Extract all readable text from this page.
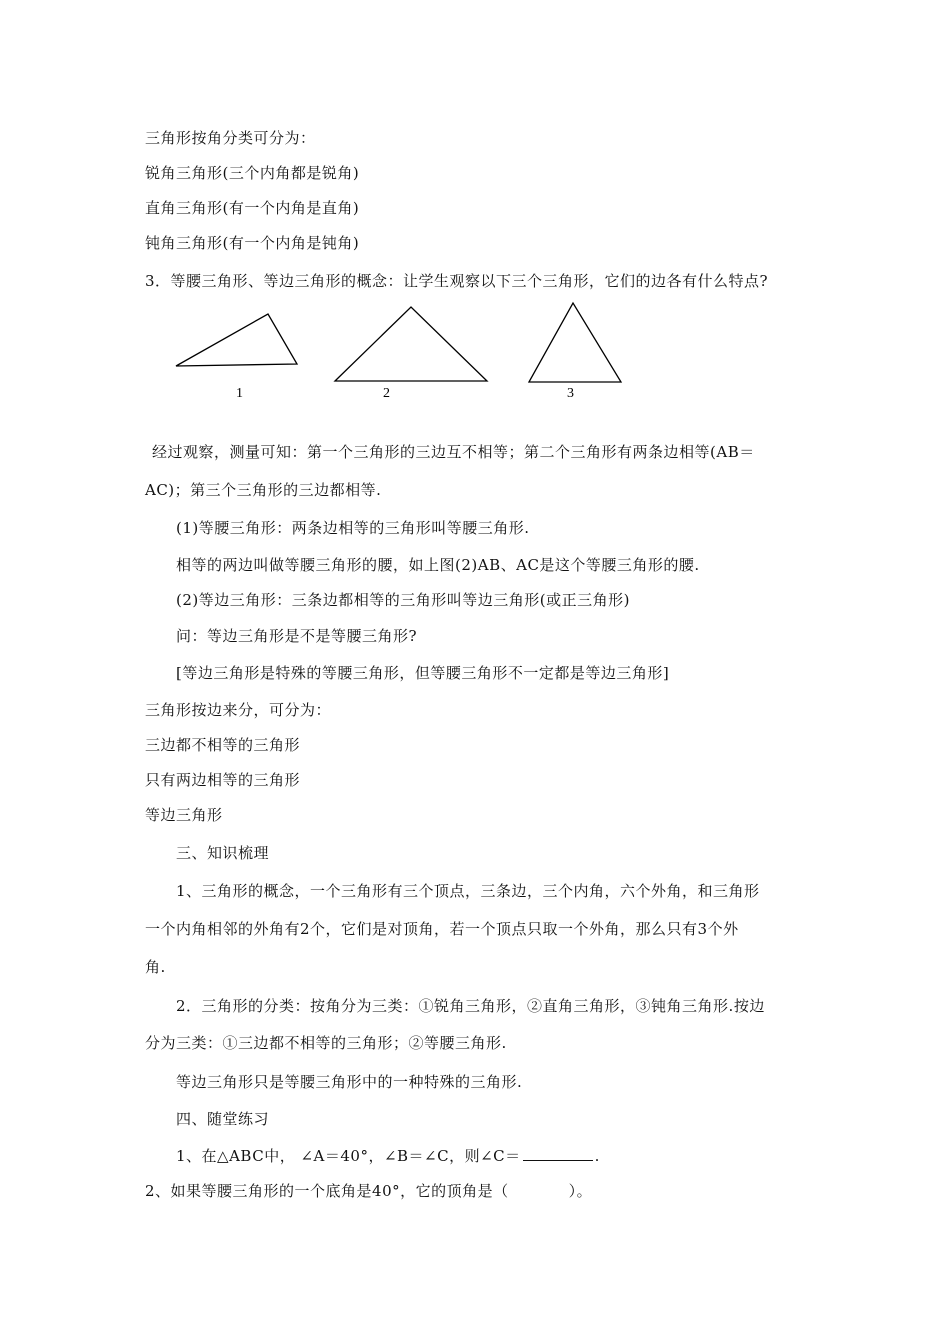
三角形按角分类可分为：
锐角三角形(三个内角都是锐角)
直角三角形(有一个内角是直角)
钝角三角形(有一个内角是钝角)
3．等腰三角形、等边三角形的概念：让学生观察以下三个三角形，它们的边各有什么特点?
1	2	3
经过观察，测量可知：第一个三角形的三边互不相等；第二个三角形有两条边相等(AB＝
AC)；第三个三角形的三边都相等.
(1)等腰三角形：两条边相等的三角形叫等腰三角形.
相等的两边叫做等腰三角形的腰，如上图(2)AB、AC是这个等腰三角形的腰.
(2)等边三角形：三条边都相等的三角形叫等边三角形(或正三角形)
问：等边三角形是不是等腰三角形?
[等边三角形是特殊的等腰三角形，但等腰三角形不一定都是等边三角形]
三角形按边来分，可分为：
三边都不相等的三角形
只有两边相等的三角形
等边三角形
三、知识梳理
1、三角形的概念，一个三角形有三个顶点，三条边，三个内角，六个外角，和三角形
一个内角相邻的外角有2个，它们是对顶角，若一个顶点只取一个外角，那么只有3个外
角.
2．三角形的分类：按角分为三类：①锐角三角形，②直角三角形，③钝角三角形.按边
分为三类：①三边都不相等的三角形；②等腰三角形.
等边三角形只是等腰三角形中的一种特殊的三角形.
四、随堂练习
1、在△ABC中， ∠A＝40°，∠B＝∠C，则∠C＝	.
2、如果等腰三角形的一个底角是40°，它的顶角是（	）。
